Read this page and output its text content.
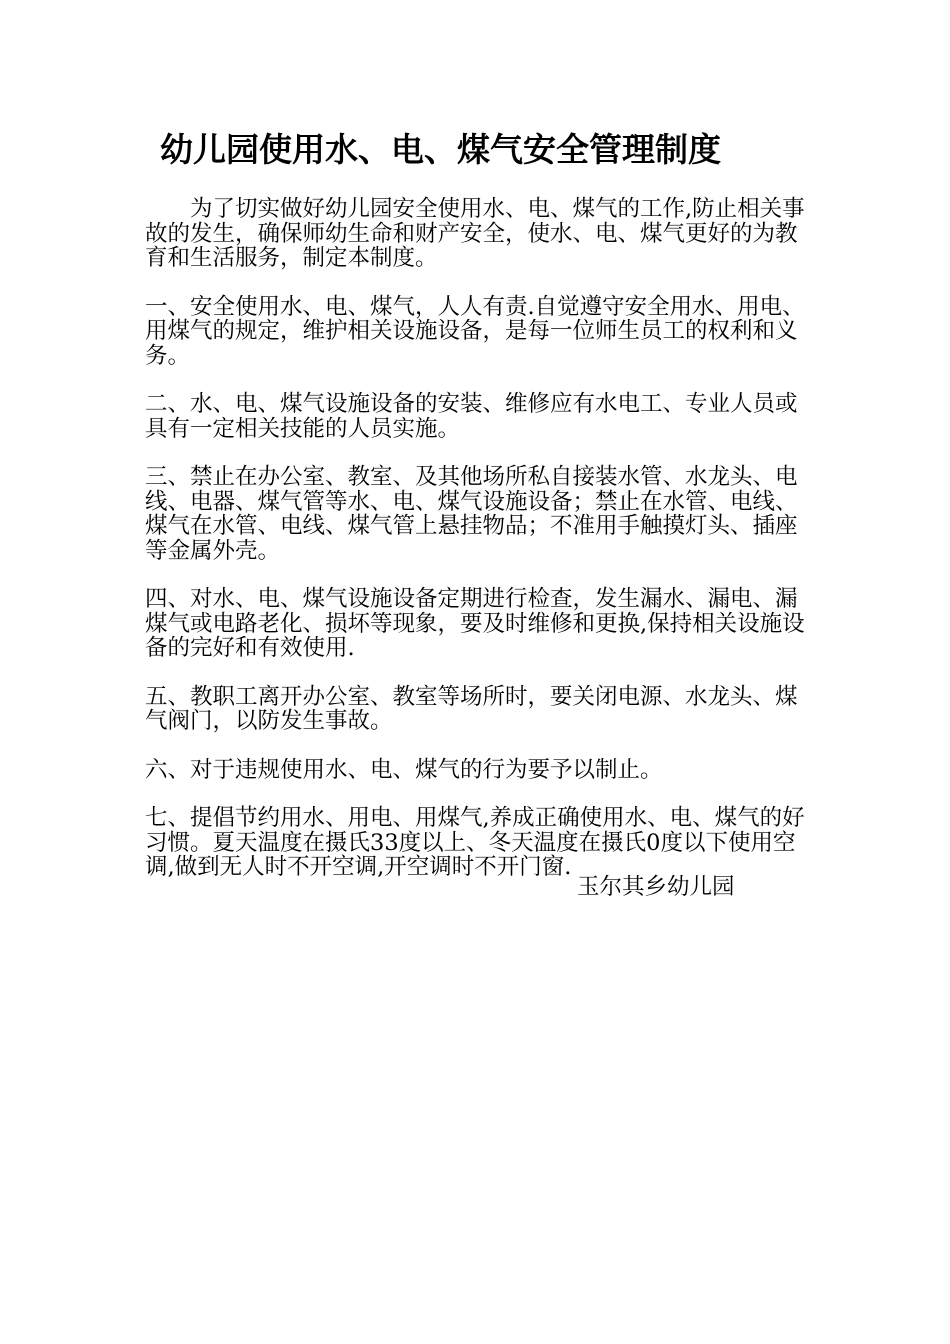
幼儿园使用水、电、煤气安全管理制度

为了切实做好幼儿园安全使用水、电、煤气的工作,防止相关事故的发生，确保师幼生命和财产安全，使水、电、煤气更好的为教育和生活服务，制定本制度。

一、安全使用水、电、煤气，人人有责.自觉遵守安全用水、用电、用煤气的规定，维护相关设施设备，是每一位师生员工的权利和义务。

二、水、电、煤气设施设备的安装、维修应有水电工、专业人员或具有一定相关技能的人员实施。

三、禁止在办公室、教室、及其他场所私自接装水管、水龙头、电线、电器、煤气管等水、电、煤气设施设备；禁止在水管、电线、煤气在水管、电线、煤气管上悬挂物品；不准用手触摸灯头、插座等金属外壳。

四、对水、电、煤气设施设备定期进行检查，发生漏水、漏电、漏煤气或电路老化、损坏等现象，要及时维修和更换,保持相关设施设备的完好和有效使用.

五、教职工离开办公室、教室等场所时，要关闭电源、水龙头、煤气阀门，以防发生事故。

六、对于违规使用水、电、煤气的行为要予以制止。

七、提倡节约用水、用电、用煤气,养成正确使用水、电、煤气的好习惯。夏天温度在摄氏33度以上、冬天温度在摄氏0度以下使用空调,做到无人时不开空调,开空调时不开门窗.

玉尔其乡幼儿园
